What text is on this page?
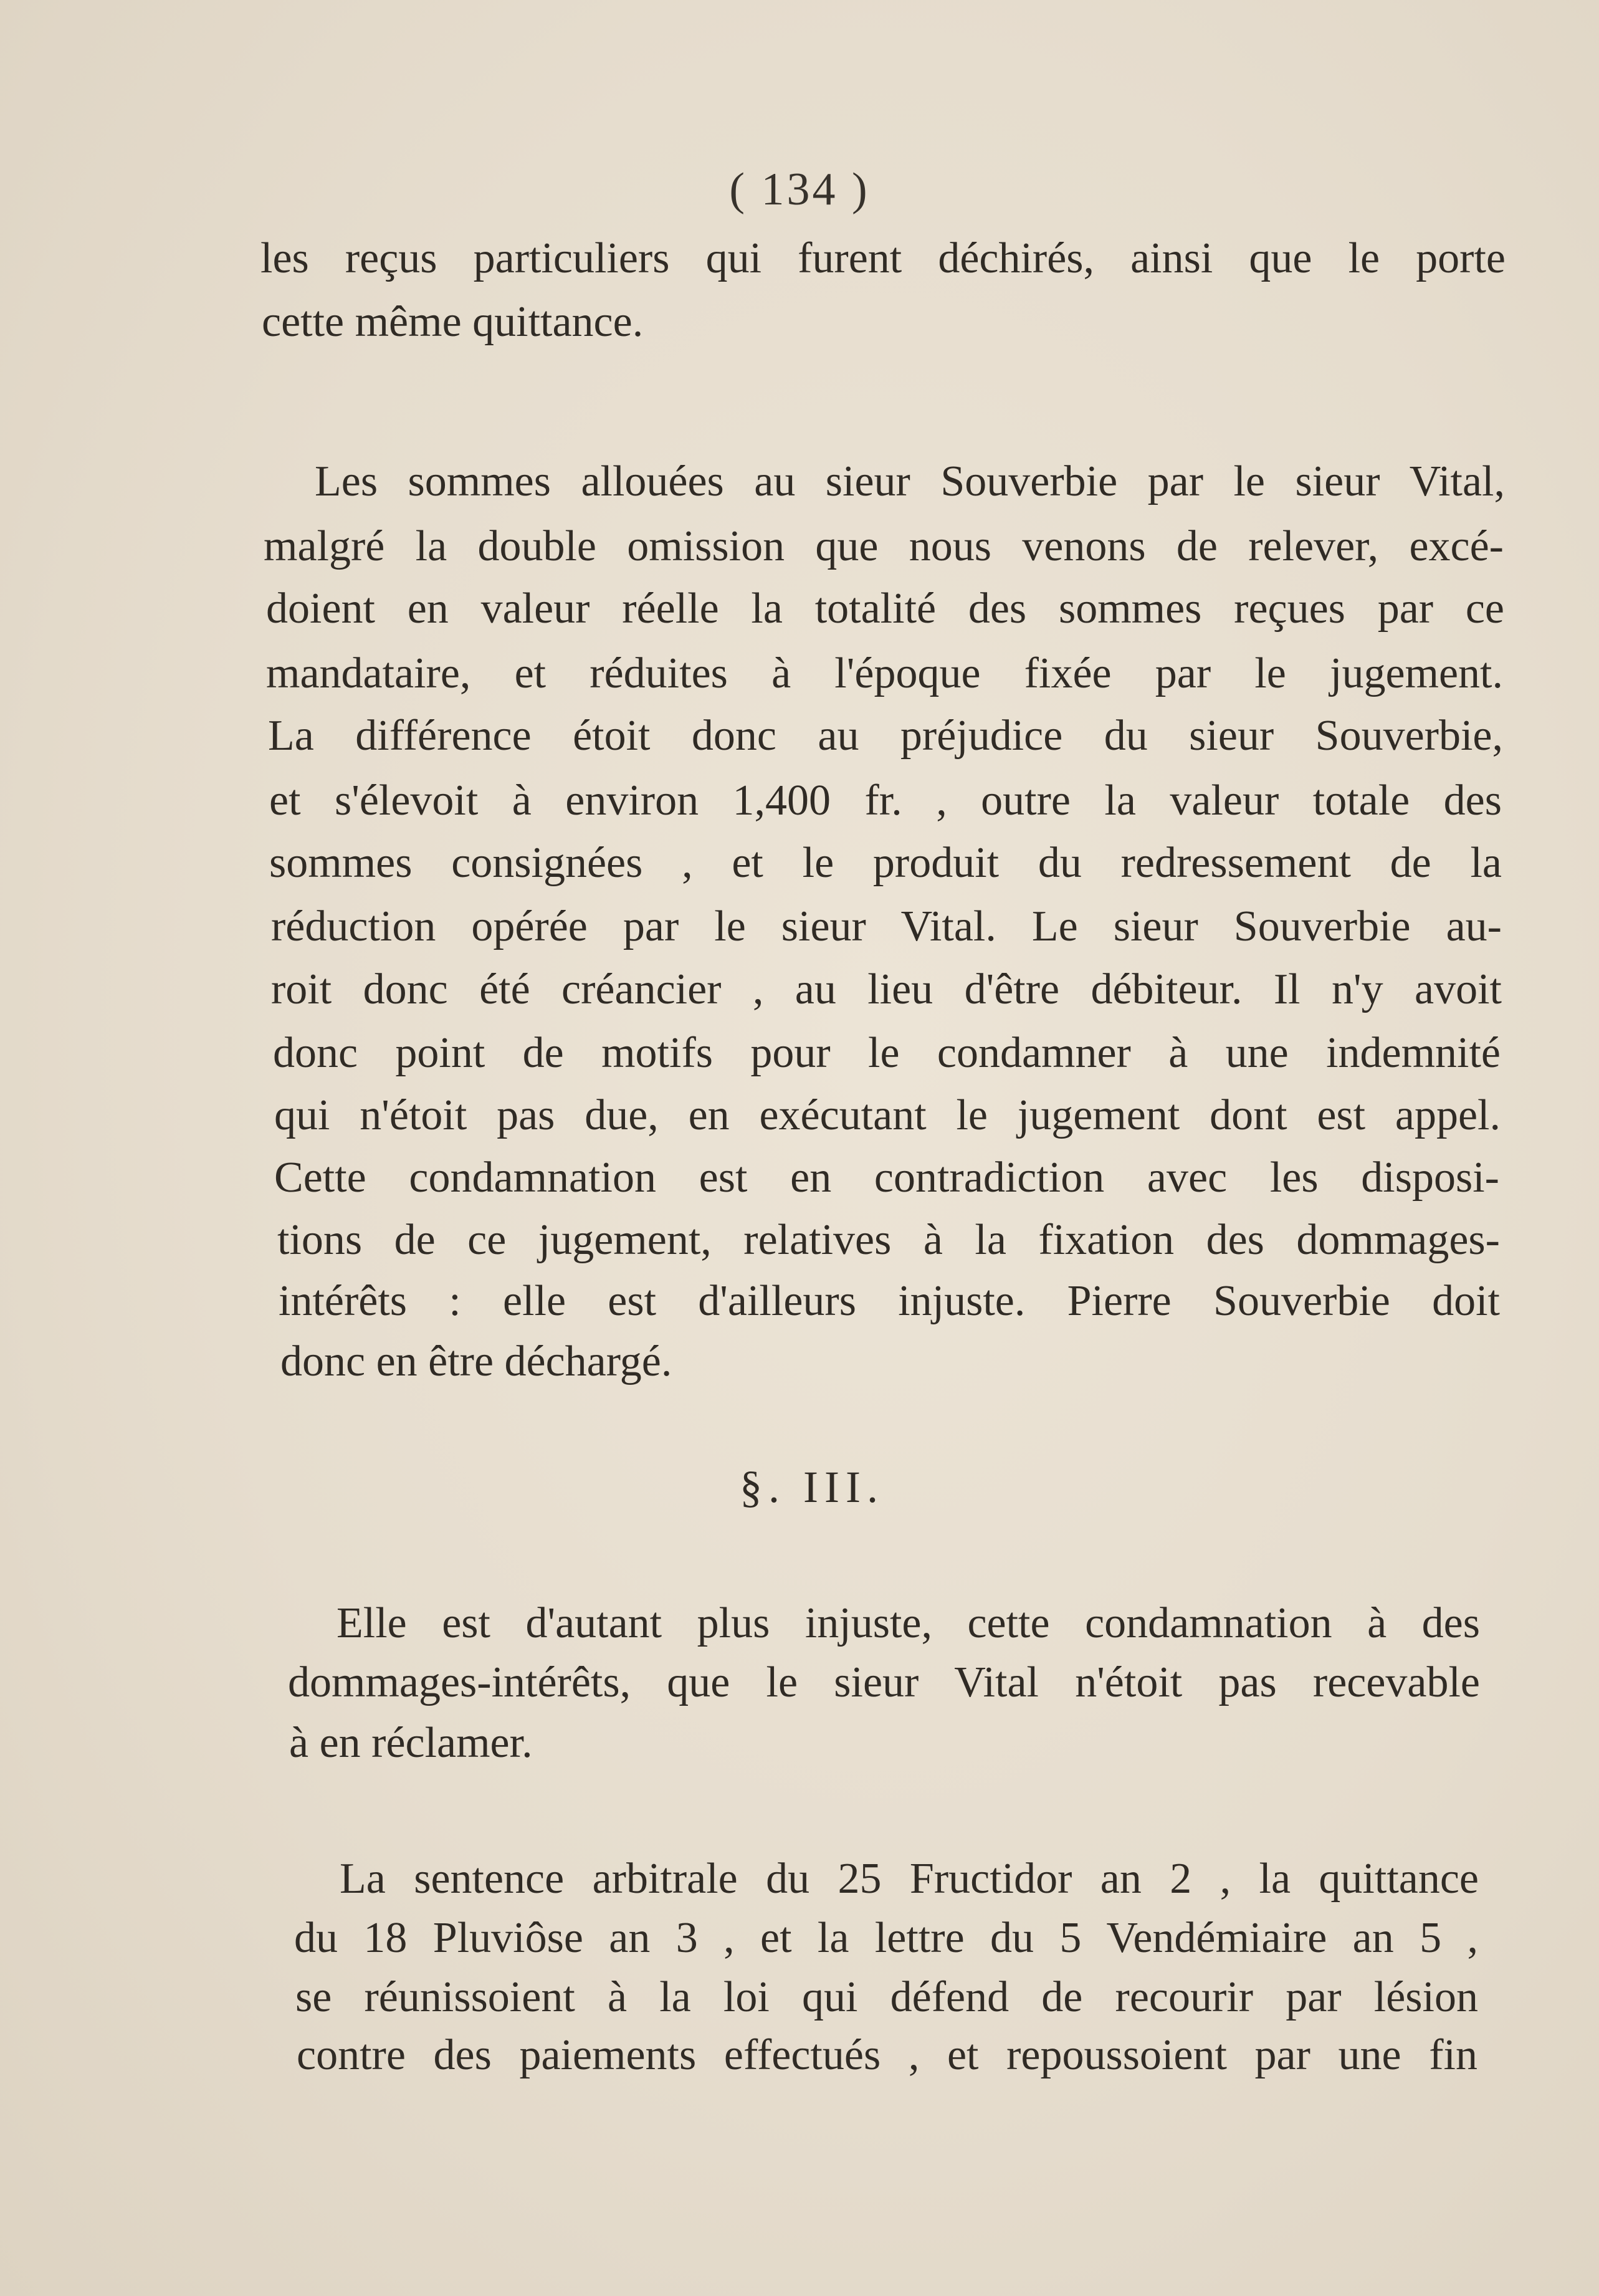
( 134 )
les reçus particuliers qui furent déchirés, ainsi que le porte
cette même quittance.
Les sommes allouées au sieur Souverbie par le sieur Vital,
malgré la double omission que nous venons de relever, excé-
doient en valeur réelle la totalité des sommes reçues par ce
mandataire, et réduites à l'époque fixée par le jugement.
La différence étoit donc au préjudice du sieur Souverbie,
et s'élevoit à environ 1,400 fr. , outre la valeur totale des
sommes consignées , et le produit du redressement de la
réduction opérée par le sieur Vital. Le sieur Souverbie au-
roit donc été créancier , au lieu d'être débiteur. Il n'y avoit
donc point de motifs pour le condamner à une indemnité
qui n'étoit pas due, en exécutant le jugement dont est appel.
Cette condamnation est en contradiction avec les disposi-
tions de ce jugement, relatives à la fixation des dommages-
intérêts : elle est d'ailleurs injuste. Pierre Souverbie doit
donc en être déchargé.
§. III.
Elle est d'autant plus injuste, cette condamnation à des
dommages-intérêts, que le sieur Vital n'étoit pas recevable
à en réclamer.
La sentence arbitrale du 25 Fructidor an 2 , la quittance
du 18 Pluviôse an 3 , et la lettre du 5 Vendémiaire an 5 ,
se réunissoient à la loi qui défend de recourir par lésion
contre des paiements effectués , et repoussoient par une fin
